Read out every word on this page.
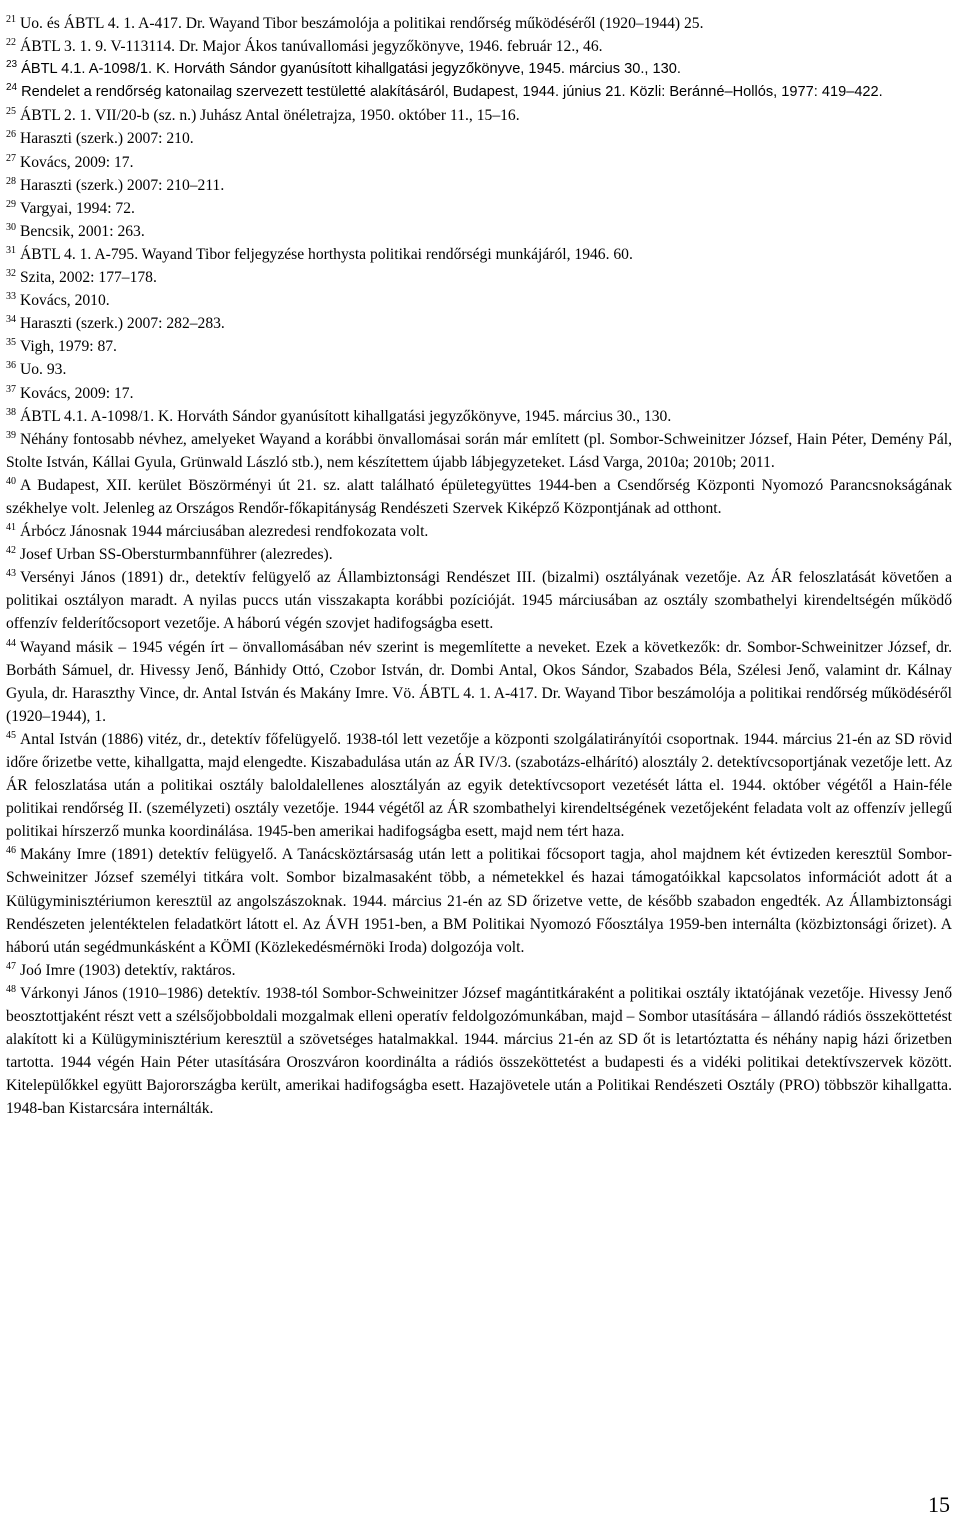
$^{21}$ Uo. és ÁBTL 4. 1. A-417. Dr. Wayand Tibor beszámolója a politikai rendőrség működéséről (1920–1944) 25.

$^{22}$ ÁBTL 3. 1. 9. V-113114. Dr. Major Ákos tanúvallomási jegyzőkönyve, 1946. február 12., 46.

$^{23}$ ÁBTL 4.1. A-1098/1. K. Horváth Sándor gyanúsított kihallgatási jegyzőkönyve, 1945. március 30., 130.

$^{24}$ Rendelet a rendőrség katonailag szervezett testületté alakításáról, Budapest, 1944. június 21. Közli: Beránné–Hollós, 1977: 419–422.

$^{25}$ ÁBTL 2. 1. VII/20-b (sz. n.) Juhász Antal önéletrajza, 1950. október 11., 15–16.

$^{26}$ Haraszti (szerk.) 2007: 210.

$^{27}$ Kovács, 2009: 17.

$^{28}$ Haraszti (szerk.) 2007: 210–211.

$^{29}$ Vargyai, 1994: 72.

$^{30}$ Bencsik, 2001: 263.

$^{31}$ ÁBTL 4. 1. A-795. Wayand Tibor feljegyzése horthysta politikai rendőrségi munkájáról, 1946. 60.

$^{32}$ Szita, 2002: 177–178.

$^{33}$ Kovács, 2010.

$^{34}$ Haraszti (szerk.) 2007: 282–283.

$^{35}$ Vigh, 1979: 87.

$^{36}$ Uo. 93.

$^{37}$ Kovács, 2009: 17.

$^{38}$ ÁBTL 4.1. A-1098/1. K. Horváth Sándor gyanúsított kihallgatási jegyzőkönyve, 1945. március 30., 130.

$^{39}$ Néhány fontosabb névhez, amelyeket Wayand a korábbi önvallomásai során már említett (pl. Sombor-Schweinitzer József, Hain Péter, Demény Pál, Stolte István, Kállai Gyula, Grünwald László stb.), nem készítettem újabb lábjegyzeteket. Lásd Varga, 2010a; 2010b; 2011.

$^{40}$ A Budapest, XII. kerület Böszörményi út 21. sz. alatt található épületegyüttes 1944-ben a Csendőrség Központi Nyomozó Parancsnokságának székhelye volt. Jelenleg az Országos Rendőr-főkapitányság Rendészeti Szervek Kiképző Központjának ad otthont.

$^{41}$ Árbócz Jánosnak 1944 márciusában alezredesi rendfokozata volt.

$^{42}$ Josef Urban SS-Obersturmbannführer (alezredes).

$^{43}$ Versényi János (1891) dr., detektív felügyelő az Állambiztonsági Rendészet III. (bizalmi) osztályának vezetője. Az ÁR feloszlatását követően a politikai osztályon maradt. A nyilas puccs után visszakapta korábbi pozícióját. 1945 márciusában az osztály szombathelyi kirendeltségén működő offenzív felderítőcsoport vezetője. A háború végén szovjet hadifogságba esett.

$^{44}$ Wayand másik – 1945 végén írt – önvallomásában név szerint is megemlítette a neveket. Ezek a következők: dr. Sombor-Schweinitzer József, dr. Borbáth Sámuel, dr. Hivessy Jenő, Bánhidy Ottó, Czobor István, dr. Dombi Antal, Okos Sándor, Szabados Béla, Szélesi Jenő, valamint dr. Kálnay Gyula, dr. Haraszthy Vince, dr. Antal István és Makány Imre. Vö. ÁBTL 4. 1. A-417. Dr. Wayand Tibor beszámolója a politikai rendőrség működéséről (1920–1944), 1.

$^{45}$ Antal István (1886) vitéz, dr., detektív főfelügyelő. 1938-tól lett vezetője a központi szolgálatirányítói csoportnak. 1944. március 21-én az SD rövid időre őrizetbe vette, kihallgatta, majd elengedte. Kiszabadulása után az ÁR IV/3. (szabotázs-elhárító) alosztály 2. detektívcsoportjának vezetője lett. Az ÁR feloszlatása után a politikai osztály baloldalellenes alosztályán az egyik detektívcsoport vezetését látta el. 1944. október végétől a Hain-féle politikai rendőrség II. (személyzeti) osztály vezetője. 1944 végétől az ÁR szombathelyi kirendeltségének vezetőjeként feladata volt az offenzív jellegű politikai hírszerző munka koordinálása. 1945-ben amerikai hadifogságba esett, majd nem tért haza.

$^{46}$ Makány Imre (1891) detektív felügyelő. A Tanácsköztársaság után lett a politikai főcsoport tagja, ahol majdnem két évtizeden keresztül Sombor-Schweinitzer József személyi titkára volt. Sombor bizalmasaként több, a németekkel és hazai támogatóikkal kapcsolatos információt adott át a Külügyminisztériumon keresztül az angolszászoknak. 1944. március 21-én az SD őrizetve vette, de később szabadon engedték. Az Állambiztonsági Rendészeten jelentéktelen feladatkört látott el. Az ÁVH 1951-ben, a BM Politikai Nyomozó Főosztálya 1959-ben internálta (közbiztonsági őrizet). A háború után segédmunkásként a KÖMI (Közlekedésmérnöki Iroda) dolgozója volt.

$^{47}$ Joó Imre (1903) detektív, raktáros.

$^{48}$ Várkonyi János (1910–1986) detektív. 1938-tól Sombor-Schweinitzer József magántitkáraként a politikai osztály iktatójának vezetője. Hivessy Jenő beosztottjaként részt vett a szélsőjobboldali mozgalmak elleni operatív feldolgozómunkában, majd – Sombor utasítására – állandó rádiós összeköttetést alakított ki a Külügyminisztérium keresztül a szövetséges hatalmakkal. 1944. március 21-én az SD őt is letartóztatta és néhány napig házi őrizetben tartotta. 1944 végén Hain Péter utasítására Oroszváron koordinálta a rádiós összeköttetést a budapesti és a vidéki politikai detektívszervek között. Kitelepülőkkel együtt Bajorországba került, amerikai hadifogságba esett. Hazajövetele után a Politikai Rendészeti Osztály (PRO) többször kihallgatta. 1948-ban Kistarcsára internálták.

15
